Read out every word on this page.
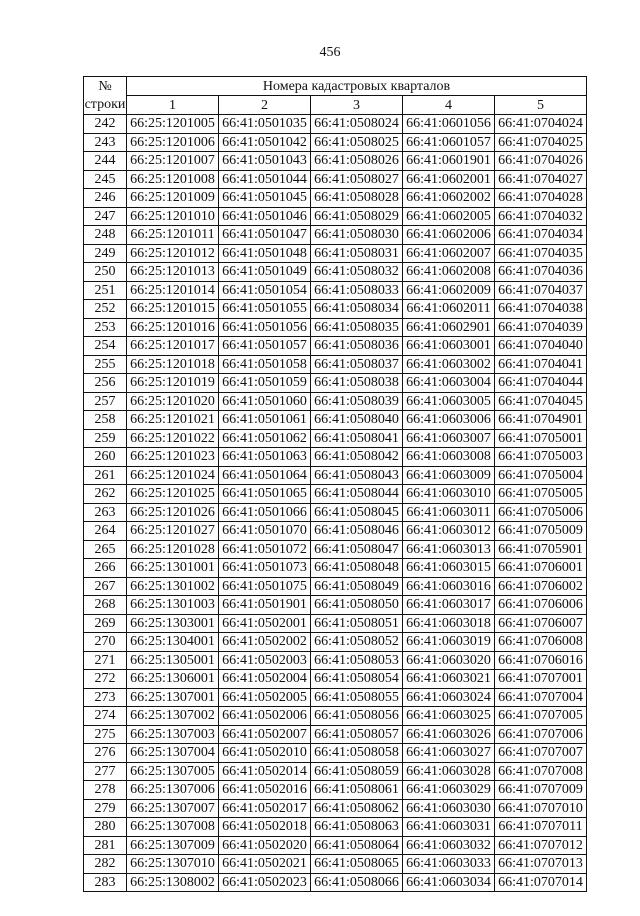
456
№	Номера кадастровых кварталов				
строки	1	2	3	4	5
242	66:25:1201005	66:41:0501035	66:41:0508024	66:41:0601056	66:41:0704024
243	66:25:1201006	66:41:0501042	66:41:0508025	66:41:0601057	66:41:0704025
244	66:25:1201007	66:41:0501043	66:41:0508026	66:41:0601901	66:41:0704026
245	66:25:1201008	66:41:0501044	66:41:0508027	66:41:0602001	66:41:0704027
246	66:25:1201009	66:41:0501045	66:41:0508028	66:41:0602002	66:41:0704028
247	66:25:1201010	66:41:0501046	66:41:0508029	66:41:0602005	66:41:0704032
248	66:25:1201011	66:41:0501047	66:41:0508030	66:41:0602006	66:41:0704034
249	66:25:1201012	66:41:0501048	66:41:0508031	66:41:0602007	66:41:0704035
250	66:25:1201013	66:41:0501049	66:41:0508032	66:41:0602008	66:41:0704036
251	66:25:1201014	66:41:0501054	66:41:0508033	66:41:0602009	66:41:0704037
252	66:25:1201015	66:41:0501055	66:41:0508034	66:41:0602011	66:41:0704038
253	66:25:1201016	66:41:0501056	66:41:0508035	66:41:0602901	66:41:0704039
254	66:25:1201017	66:41:0501057	66:41:0508036	66:41:0603001	66:41:0704040
255	66:25:1201018	66:41:0501058	66:41:0508037	66:41:0603002	66:41:0704041
256	66:25:1201019	66:41:0501059	66:41:0508038	66:41:0603004	66:41:0704044
257	66:25:1201020	66:41:0501060	66:41:0508039	66:41:0603005	66:41:0704045
258	66:25:1201021	66:41:0501061	66:41:0508040	66:41:0603006	66:41:0704901
259	66:25:1201022	66:41:0501062	66:41:0508041	66:41:0603007	66:41:0705001
260	66:25:1201023	66:41:0501063	66:41:0508042	66:41:0603008	66:41:0705003
261	66:25:1201024	66:41:0501064	66:41:0508043	66:41:0603009	66:41:0705004
262	66:25:1201025	66:41:0501065	66:41:0508044	66:41:0603010	66:41:0705005
263	66:25:1201026	66:41:0501066	66:41:0508045	66:41:0603011	66:41:0705006
264	66:25:1201027	66:41:0501070	66:41:0508046	66:41:0603012	66:41:0705009
265	66:25:1201028	66:41:0501072	66:41:0508047	66:41:0603013	66:41:0705901
266	66:25:1301001	66:41:0501073	66:41:0508048	66:41:0603015	66:41:0706001
267	66:25:1301002	66:41:0501075	66:41:0508049	66:41:0603016	66:41:0706002
268	66:25:1301003	66:41:0501901	66:41:0508050	66:41:0603017	66:41:0706006
269	66:25:1303001	66:41:0502001	66:41:0508051	66:41:0603018	66:41:0706007
270	66:25:1304001	66:41:0502002	66:41:0508052	66:41:0603019	66:41:0706008
271	66:25:1305001	66:41:0502003	66:41:0508053	66:41:0603020	66:41:0706016
272	66:25:1306001	66:41:0502004	66:41:0508054	66:41:0603021	66:41:0707001
273	66:25:1307001	66:41:0502005	66:41:0508055	66:41:0603024	66:41:0707004
274	66:25:1307002	66:41:0502006	66:41:0508056	66:41:0603025	66:41:0707005
275	66:25:1307003	66:41:0502007	66:41:0508057	66:41:0603026	66:41:0707006
276	66:25:1307004	66:41:0502010	66:41:0508058	66:41:0603027	66:41:0707007
277	66:25:1307005	66:41:0502014	66:41:0508059	66:41:0603028	66:41:0707008
278	66:25:1307006	66:41:0502016	66:41:0508061	66:41:0603029	66:41:0707009
279	66:25:1307007	66:41:0502017	66:41:0508062	66:41:0603030	66:41:0707010
280	66:25:1307008	66:41:0502018	66:41:0508063	66:41:0603031	66:41:0707011
281	66:25:1307009	66:41:0502020	66:41:0508064	66:41:0603032	66:41:0707012
282	66:25:1307010	66:41:0502021	66:41:0508065	66:41:0603033	66:41:0707013
283	66:25:1308002	66:41:0502023	66:41:0508066	66:41:0603034	66:41:0707014
